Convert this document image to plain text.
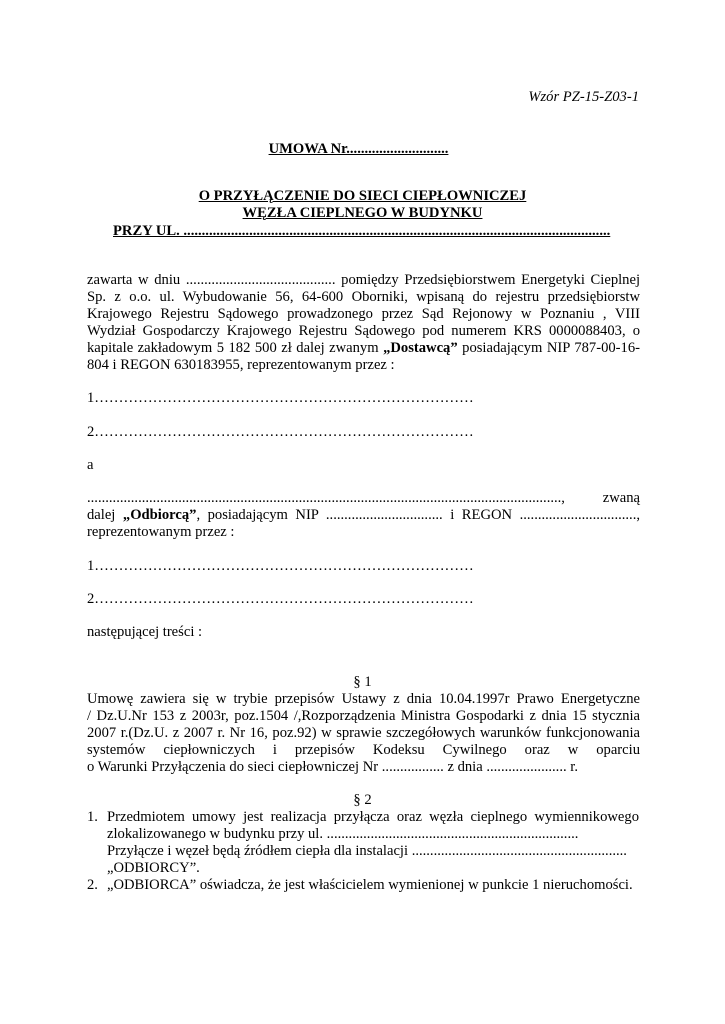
Wzór PZ-15-Z03-1
UMOWA Nr............................
O PRZYŁĄCZENIE DO SIECI CIEPŁOWNICZEJ
WĘZŁA CIEPLNEGO W BUDYNKU
PRZY UL. .....................................................................................................................
zawarta w dniu ......................................... pomiędzy Przedsiębiorstwem Energetyki Cieplnej
Sp. z o.o. ul. Wybudowanie 56, 64-600 Oborniki, wpisaną do rejestru przedsiębiorstw
Krajowego Rejestru Sądowego prowadzonego przez Sąd Rejonowy w Poznaniu , VIII
Wydział Gospodarczy Krajowego Rejestru Sądowego pod numerem KRS 0000088403, o
kapitale zakładowym 5 182 500 zł dalej zwanym „Dostawcą” posiadającym NIP 787-00-16-
804 i REGON 630183955, reprezentowanym przez :
1……………………………………………………………………
2……………………………………………………………………
a
.................................................................................................................................., zwaną
dalej „Odbiorcą”, posiadającym NIP ................................ i REGON ................................,
reprezentowanym przez :
1……………………………………………………………………
2……………………………………………………………………
następującej treści :
§ 1
Umowę zawiera się w trybie przepisów Ustawy z dnia 10.04.1997r Prawo Energetyczne
/ Dz.U.Nr 153 z 2003r, poz.1504 /,Rozporządzenia Ministra Gospodarki z dnia 15 stycznia
2007 r.(Dz.U. z 2007 r. Nr 16, poz.92) w sprawie szczegółowych warunków funkcjonowania
systemów ciepłowniczych i przepisów Kodeksu Cywilnego oraz w oparciu
o Warunki Przyłączenia do sieci ciepłowniczej Nr ................. z dnia ...................... r.
§ 2
1. Przedmiotem umowy jest realizacja przyłącza oraz węzła cieplnego wymiennikowego
zlokalizowanego w budynku przy ul. .....................................................................
Przyłącze i węzeł będą źródłem ciepła dla instalacji ...........................................................
„ODBIORCY”.
2. „ODBIORCA” oświadcza, że jest właścicielem wymienionej w punkcie 1 nieruchomości.
